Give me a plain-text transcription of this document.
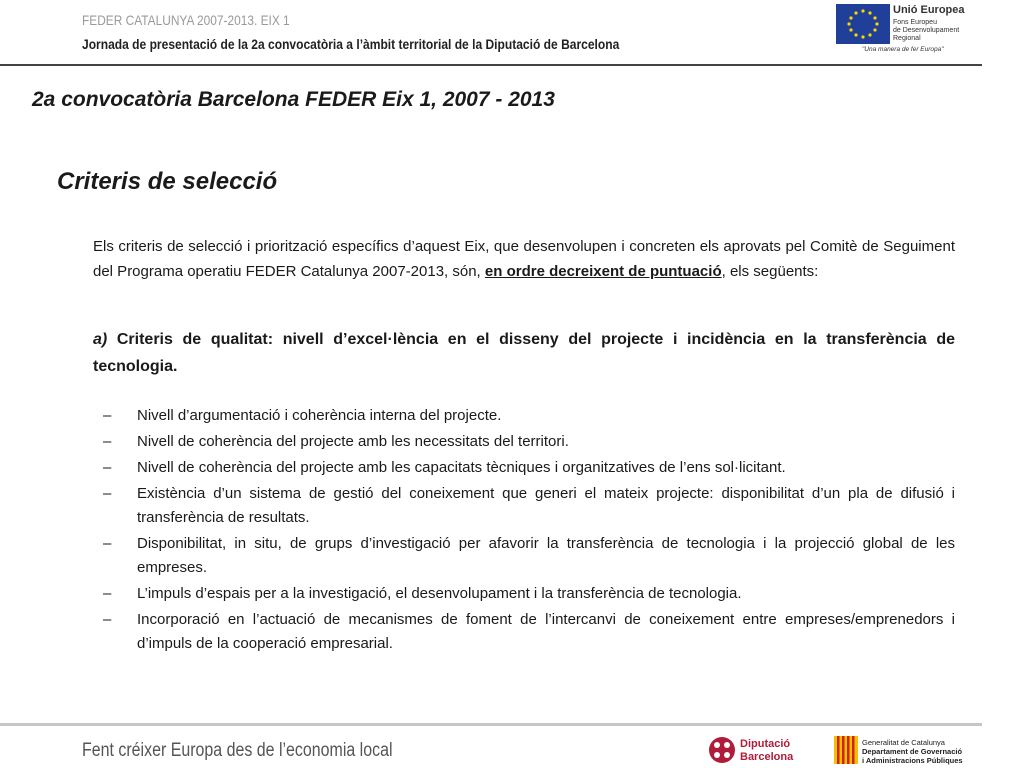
FEDER CATALUNYA 2007-2013. EIX 1
Jornada de presentació de la 2a convocatòria a l’àmbit territorial de la Diputació de Barcelona
Unió Europea
Fons Europeu
de Desenvolupament
Regional
"Una manera de fer Europa"
2a convocatòria Barcelona FEDER Eix 1, 2007 - 2013
Criteris de selecció

Els criteris de selecció i priorització específics d’aquest Eix, que desenvolupen i concreten els aprovats pel Comitè de Seguiment del Programa operatiu FEDER Catalunya 2007-2013, són, en ordre decreixent de puntuació, els següents:

a) Criteris de qualitat: nivell d’excel·lència en el disseny del projecte i incidència en la transferència de tecnologia.

– Nivell d’argumentació i coherència interna del projecte.
– Nivell de coherència del projecte amb les necessitats del territori.
– Nivell de coherència del projecte amb les capacitats tècniques i organitzatives de l’ens sol·licitant.
– Existència d’un sistema de gestió del coneixement que generi el mateix projecte: disponibilitat d’un pla de difusió i transferència de resultats.
– Disponibilitat, in situ, de grups d’investigació per afavorir la transferència de tecnologia i la projecció global de les empreses.
– L’impuls d’espais per a la investigació, el desenvolupament i la transferència de tecnologia.
– Incorporació en l’actuació de mecanismes de foment de l’intercanvi de coneixement entre empreses/emprenedors i d’impuls de la cooperació empresarial.
Fent créixer Europa des de l’economia local	Diputació
Barcelona
Generalitat de Catalunya
Departament de Governació
i Administracions Públiques
